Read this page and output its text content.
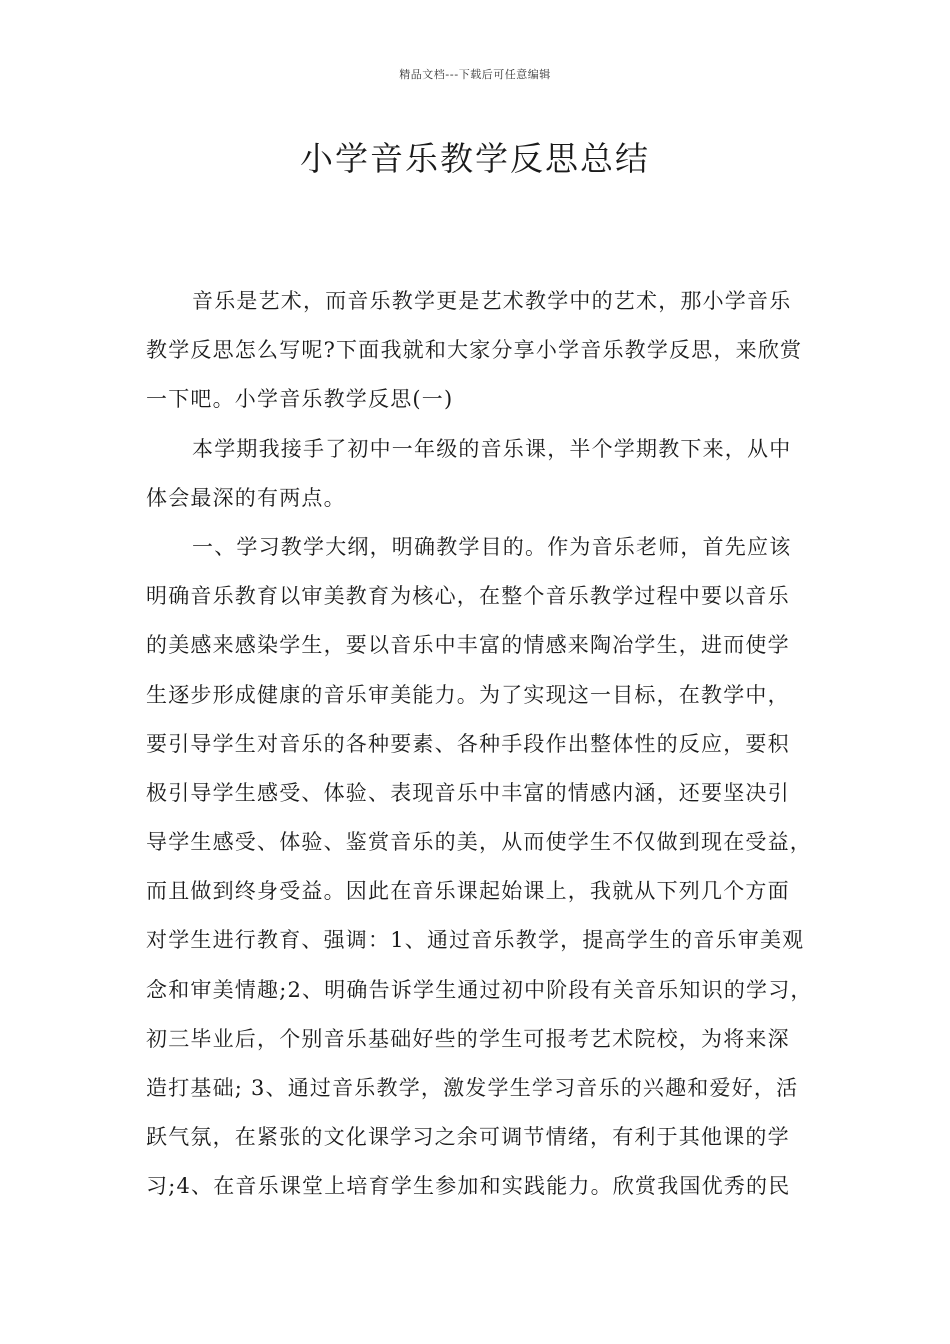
精品文档---下载后可任意编辑
小学音乐教学反思总结
音乐是艺术，而音乐教学更是艺术教学中的艺术，那小学音乐
教学反思怎么写呢?下面我就和大家分享小学音乐教学反思，来欣赏
一下吧。小学音乐教学反思(一)
本学期我接手了初中一年级的音乐课，半个学期教下来，从中
体会最深的有两点。
一、学习教学大纲，明确教学目的。作为音乐老师，首先应该
明确音乐教育以审美教育为核心，在整个音乐教学过程中要以音乐
的美感来感染学生，要以音乐中丰富的情感来陶冶学生，进而使学
生逐步形成健康的音乐审美能力。为了实现这一目标，在教学中，
要引导学生对音乐的各种要素、各种手段作出整体性的反应，要积
极引导学生感受、体验、表现音乐中丰富的情感内涵，还要坚决引
导学生感受、体验、鉴赏音乐的美，从而使学生不仅做到现在受益，
而且做到终身受益。因此在音乐课起始课上，我就从下列几个方面
对学生进行教育、强调：1、通过音乐教学，提高学生的音乐审美观
念和审美情趣;2、明确告诉学生通过初中阶段有关音乐知识的学习，
初三毕业后，个别音乐基础好些的学生可报考艺术院校，为将来深
造打基础; 3、通过音乐教学，激发学生学习音乐的兴趣和爱好，活
跃气氛，在紧张的文化课学习之余可调节情绪，有利于其他课的学
习;4、在音乐课堂上培育学生参加和实践能力。欣赏我国优秀的民
